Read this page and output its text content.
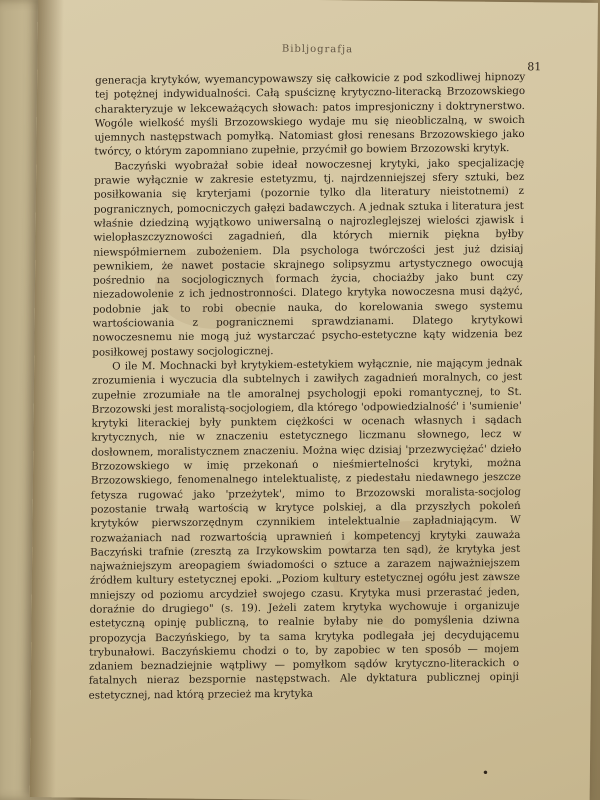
Bibljografja
81

generacja krytyków, wyemancypowawszy się całkowicie z pod szkodliwej hipnozy tej potężnej indywidualności. Całą spuściznę krytyczno-literacką Brzozowskiego charakteryzuje w lekceważących słowach: patos impresjoniczny i doktrynerstwo. Wogóle wielkość myśli Brzozowskiego wydaje mu się nieobliczalną, w swoich ujemnych następstwach pomyłką. Natomiast głosi renesans Brzozowskiego jako twórcy, o którym zapomniano zupełnie, przyćmił go bowiem Brzozowski krytyk.

Baczyński wyobrażał sobie ideał nowoczesnej krytyki, jako specjalizację prawie wyłącznie w zakresie estetyzmu, tj. najrdzenniejszej sfery sztuki, bez posiłkowania się kryterjami (pozornie tylko dla literatury nieistotnemi) z pogranicznych, pomocniczych gałęzi badawczych. A jednak sztuka i literatura jest właśnie dziedziną wyjątkowo uniwersalną o najrozleglejszej wielości zjawisk i wielopłaszczyznowości zagadnień, dla których miernik piękna byłby niewspółmiernem zubożeniem. Dla psychologa twórczości jest już dzisiaj pewnikiem, że nawet postacie skrajnego solipsyzmu artystycznego owocują pośrednio na socjologicznych formach życia, chociażby jako bunt czy niezadowolenie z ich jednostronności. Dlatego krytyka nowoczesna musi dążyć, podobnie jak to robi obecnie nauka, do korelowania swego systemu wartościowania z pogranicznemi sprawdzianami. Dlatego krytykowi nowoczesnemu nie mogą już wystarczać psycho-estetyczne kąty widzenia bez posiłkowej postawy socjologicznej.

O ile M. Mochnacki był krytykiem-estetykiem wyłącznie, nie mającym jednak zrozumienia i wyczucia dla subtelnych i zawiłych zagadnień moralnych, co jest zupełnie zrozumiałe na tle amoralnej psychologji epoki romantycznej, to St. Brzozowski jest moralistą-socjologiem, dla którego 'odpowiedzialność' i 'sumienie' krytyki literackiej były punktem ciężkości w ocenach własnych i sądach krytycznych, nie w znaczeniu estetycznego liczmanu słownego, lecz w dosłownem, moralistycznem znaczeniu. Można więc dzisiaj 'przezwyciężać' dzieło Brzozowskiego w imię przekonań o nieśmiertelności krytyki, można Brzozowskiego, fenomenalnego intelektualistę, z piedestału niedawnego jeszcze fetysza rugować jako 'przeżytek', mimo to Brzozowski moralista-socjolog pozostanie trwałą wartością w krytyce polskiej, a dla przyszłych pokoleń krytyków pierwszorzędnym czynnikiem intelektualnie zapładniającym. W rozważaniach nad rozwartością uprawnień i kompetencyj krytyki zauważa Baczyński trafnie (zresztą za Irzykowskim powtarza ten sąd), że krytyka jest najważniejszym areopagiem świadomości o sztuce a zarazem najważniejszem źródłem kultury estetycznej epoki. „Poziom kultury estetycznej ogółu jest zawsze mniejszy od poziomu arcydzieł swojego czasu. Krytyka musi przerastać jeden, doraźnie do drugiego" (s. 19). Jeżeli zatem krytyka wychowuje i organizuje estetyczną opinję publiczną, to realnie byłaby nie do pomyślenia dziwna propozycja Baczyńskiego, by ta sama krytyka podlegała jej decydującemu trybunałowi. Baczyńskiemu chodzi o to, by zapobiec w ten sposób — mojem zdaniem beznadziejnie wątpliwy — pomyłkom sądów krytyczno-literackich o fatalnych nieraz bezspornie następstwach. Ale dyktatura publicznej opinji estetycznej, nad którą przecież ma krytyka

•
